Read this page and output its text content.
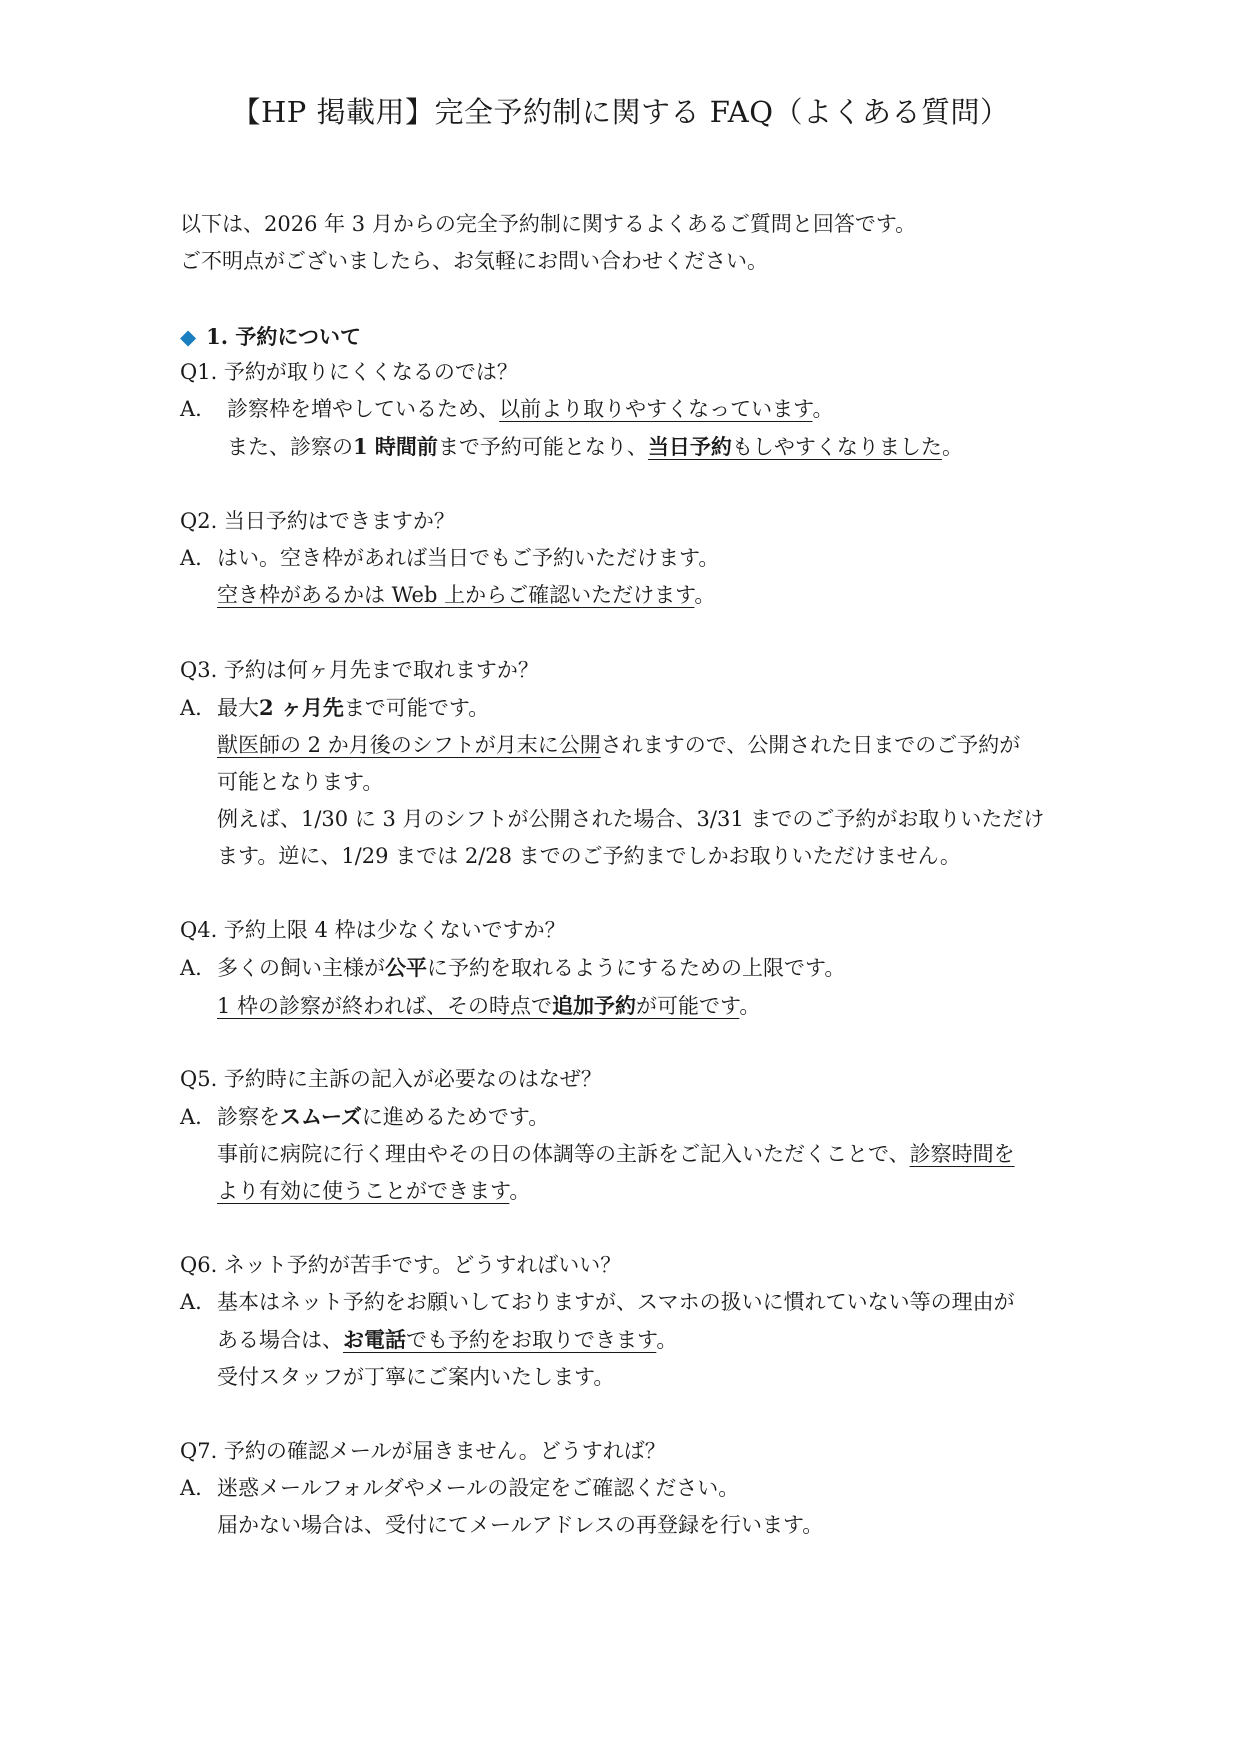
【HP 掲載用】完全予約制に関する FAQ（よくある質問）
以下は、2026 年 3 月からの完全予約制に関するよくあるご質問と回答です。
ご不明点がございましたら、お気軽にお問い合わせください。
◆ 1. 予約について
Q1. 予約が取りにくくなるのでは？
A. 診察枠を増やしているため、以前より取りやすくなっています。
また、診察の1 時間前まで予約可能となり、当日予約もしやすくなりました。
Q2. 当日予約はできますか？
A. はい。空き枠があれば当日でもご予約いただけます。
空き枠があるかは Web 上からご確認いただけます。
Q3. 予約は何ヶ月先まで取れますか？
A. 最大2 ヶ月先まで可能です。
獣医師の 2 か月後のシフトが月末に公開されますので、公開された日までのご予約が
可能となります。
例えば、1/30 に 3 月のシフトが公開された場合、3/31 までのご予約がお取りいただけ
ます。逆に、1/29 までは 2/28 までのご予約までしかお取りいただけません。
Q4. 予約上限 4 枠は少なくないですか？
A. 多くの飼い主様が公平に予約を取れるようにするための上限です。
1 枠の診察が終われば、その時点で追加予約が可能です。
Q5. 予約時に主訴の記入が必要なのはなぜ？
A. 診察をスムーズに進めるためです。
事前に病院に行く理由やその日の体調等の主訴をご記入いただくことで、診察時間を
より有効に使うことができます。
Q6. ネット予約が苦手です。どうすればいい？
A. 基本はネット予約をお願いしておりますが、スマホの扱いに慣れていない等の理由が
ある場合は、お電話でも予約をお取りできます。
受付スタッフが丁寧にご案内いたします。
Q7. 予約の確認メールが届きません。どうすれば？
A. 迷惑メールフォルダやメールの設定をご確認ください。
届かない場合は、受付にてメールアドレスの再登録を行います。
